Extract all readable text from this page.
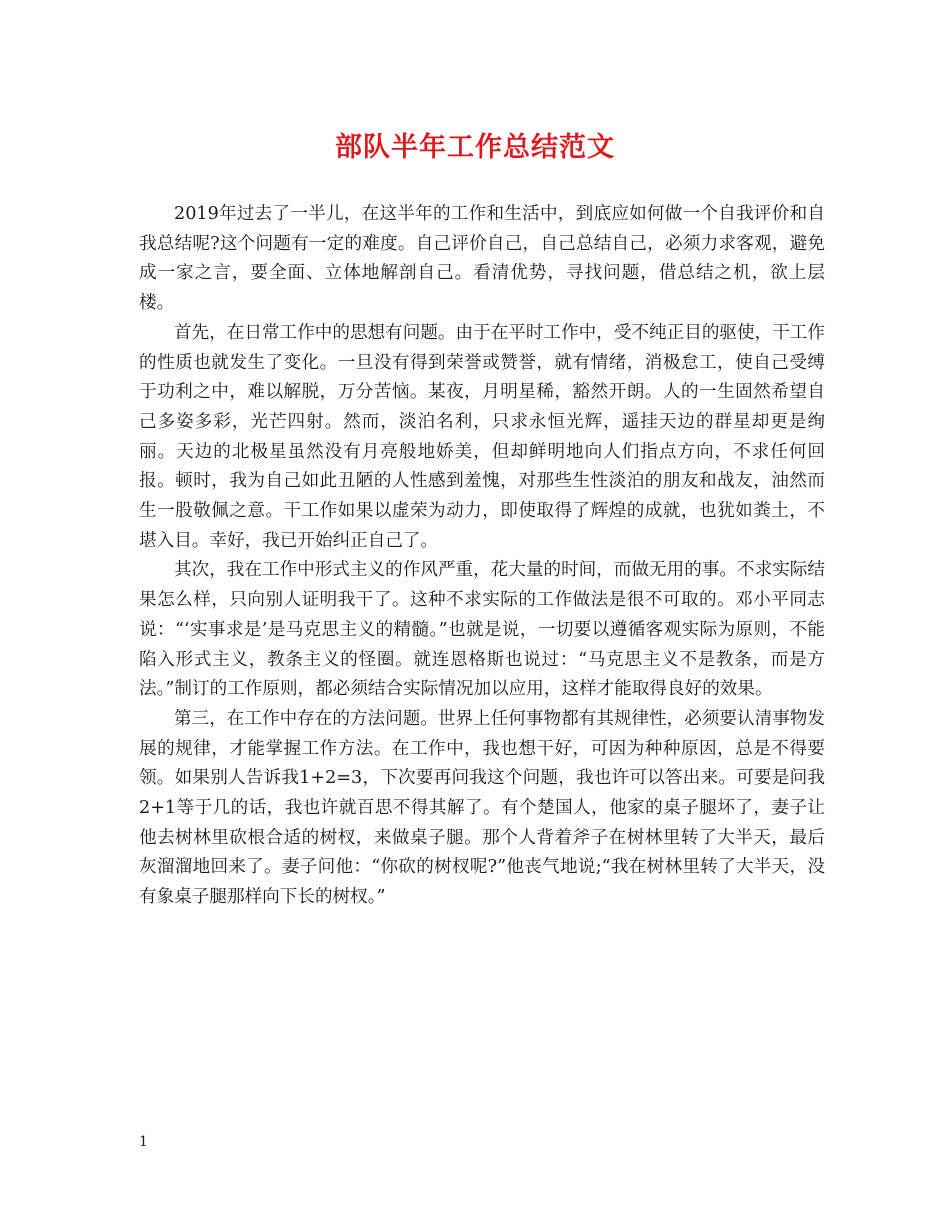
部队半年工作总结范文

2019年过去了一半儿，在这半年的工作和生活中，到底应如何做一个自我评价和自我总结呢?这个问题有一定的难度。自己评价自己，自己总结自己，必须力求客观，避免成一家之言，要全面、立体地解剖自己。看清优势，寻找问题，借总结之机，欲上层楼。

首先，在日常工作中的思想有问题。由于在平时工作中，受不纯正目的驱使，干工作的性质也就发生了变化。一旦没有得到荣誉或赞誉，就有情绪，消极怠工，使自己受缚于功利之中，难以解脱，万分苦恼。某夜，月明星稀，豁然开朗。人的一生固然希望自己多姿多彩，光芒四射。然而，淡泊名利，只求永恒光辉，遥挂天边的群星却更是绚丽。天边的北极星虽然没有月亮般地娇美，但却鲜明地向人们指点方向，不求任何回报。顿时，我为自己如此丑陋的人性感到羞愧，对那些生性淡泊的朋友和战友，油然而生一股敬佩之意。干工作如果以虚荣为动力，即使取得了辉煌的成就，也犹如粪土，不堪入目。幸好，我已开始纠正自己了。

其次，我在工作中形式主义的作风严重，花大量的时间，而做无用的事。不求实际结果怎么样，只向别人证明我干了。这种不求实际的工作做法是很不可取的。邓小平同志说：“‘实事求是’是马克思主义的精髓。”也就是说，一切要以遵循客观实际为原则，不能陷入形式主义，教条主义的怪圈。就连恩格斯也说过：“马克思主义不是教条，而是方法。”制订的工作原则，都必须结合实际情况加以应用，这样才能取得良好的效果。

第三，在工作中存在的方法问题。世界上任何事物都有其规律性，必须要认清事物发展的规律，才能掌握工作方法。在工作中，我也想干好，可因为种种原因，总是不得要领。如果别人告诉我1+2=3，下次要再问我这个问题，我也许可以答出来。可要是问我2+1等于几的话，我也许就百思不得其解了。有个楚国人，他家的桌子腿坏了，妻子让他去树林里砍根合适的树杈，来做桌子腿。那个人背着斧子在树林里转了大半天，最后灰溜溜地回来了。妻子问他：“你砍的树杈呢?”他丧气地说;“我在树林里转了大半天，没有象桌子腿那样向下长的树杈。”

1
